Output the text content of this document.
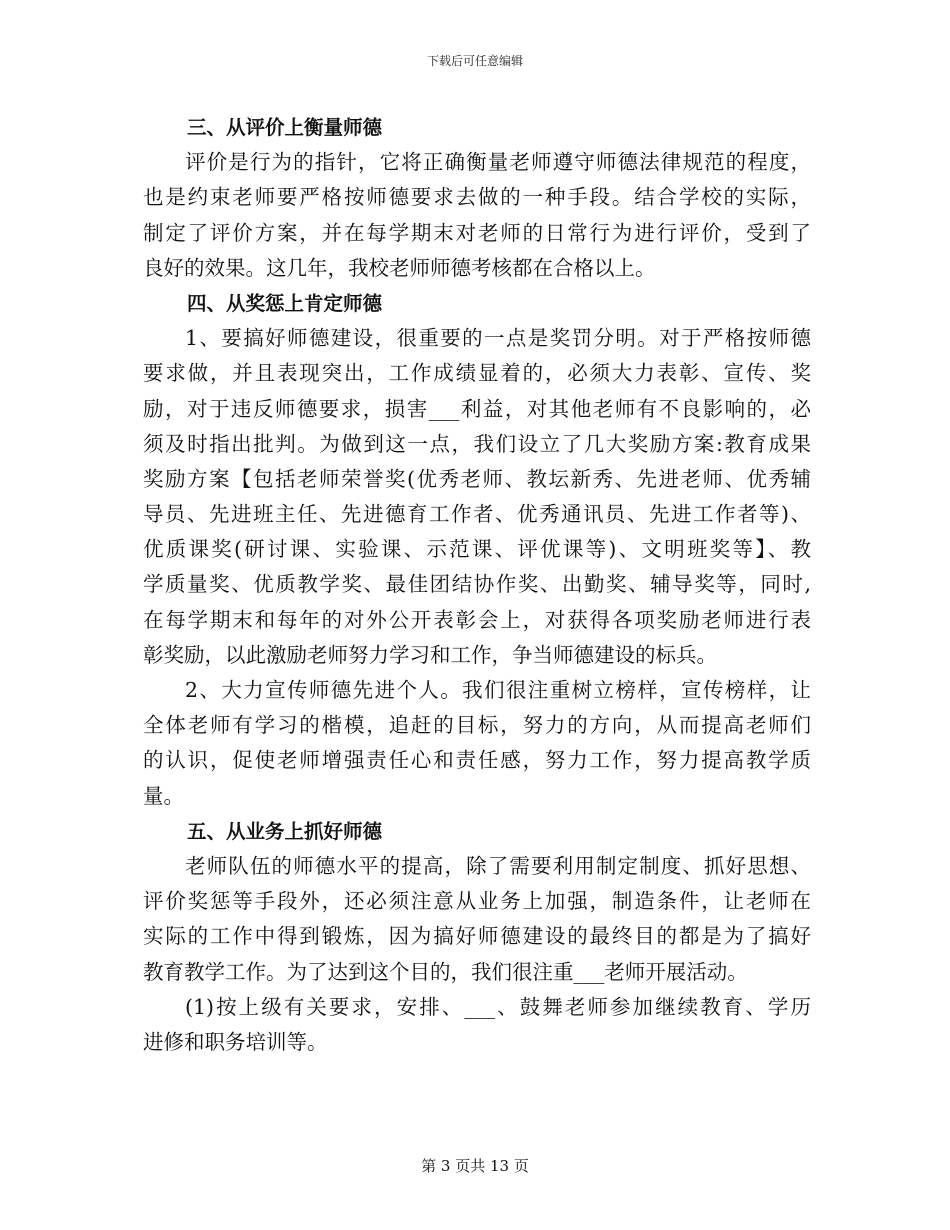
下载后可任意编辑
三、从评价上衡量师德
评价是行为的指针，它将正确衡量老师遵守师德法律规范的程度，
也是约束老师要严格按师德要求去做的一种手段。结合学校的实际，
制定了评价方案，并在每学期末对老师的日常行为进行评价，受到了
良好的效果。这几年，我校老师师德考核都在合格以上。
四、从奖惩上肯定师德
1、要搞好师德建设，很重要的一点是奖罚分明。对于严格按师德
要求做，并且表现突出，工作成绩显着的，必须大力表彰、宣传、奖
励，对于违反师德要求，损害___利益，对其他老师有不良影响的，必
须及时指出批判。为做到这一点，我们设立了几大奖励方案:教育成果
奖励方案【包括老师荣誉奖(优秀老师、教坛新秀、先进老师、优秀辅
导员、先进班主任、先进德育工作者、优秀通讯员、先进工作者等)、
优质课奖(研讨课、实验课、示范课、评优课等)、文明班奖等】、教
学质量奖、优质教学奖、最佳团结协作奖、出勤奖、辅导奖等，同时,
在每学期末和每年的对外公开表彰会上，对获得各项奖励老师进行表
彰奖励，以此激励老师努力学习和工作，争当师德建设的标兵。
2、大力宣传师德先进个人。我们很注重树立榜样，宣传榜样，让
全体老师有学习的楷模，追赶的目标，努力的方向，从而提高老师们
的认识，促使老师增强责任心和责任感，努力工作，努力提高教学质
量。
五、从业务上抓好师德
老师队伍的师德水平的提高，除了需要利用制定制度、抓好思想、
评价奖惩等手段外，还必须注意从业务上加强，制造条件，让老师在
实际的工作中得到锻炼，因为搞好师德建设的最终目的都是为了搞好
教育教学工作。为了达到这个目的，我们很注重___老师开展活动。
(1)按上级有关要求，安排、___、鼓舞老师参加继续教育、学历
进修和职务培训等。
第 3 页共 13 页
